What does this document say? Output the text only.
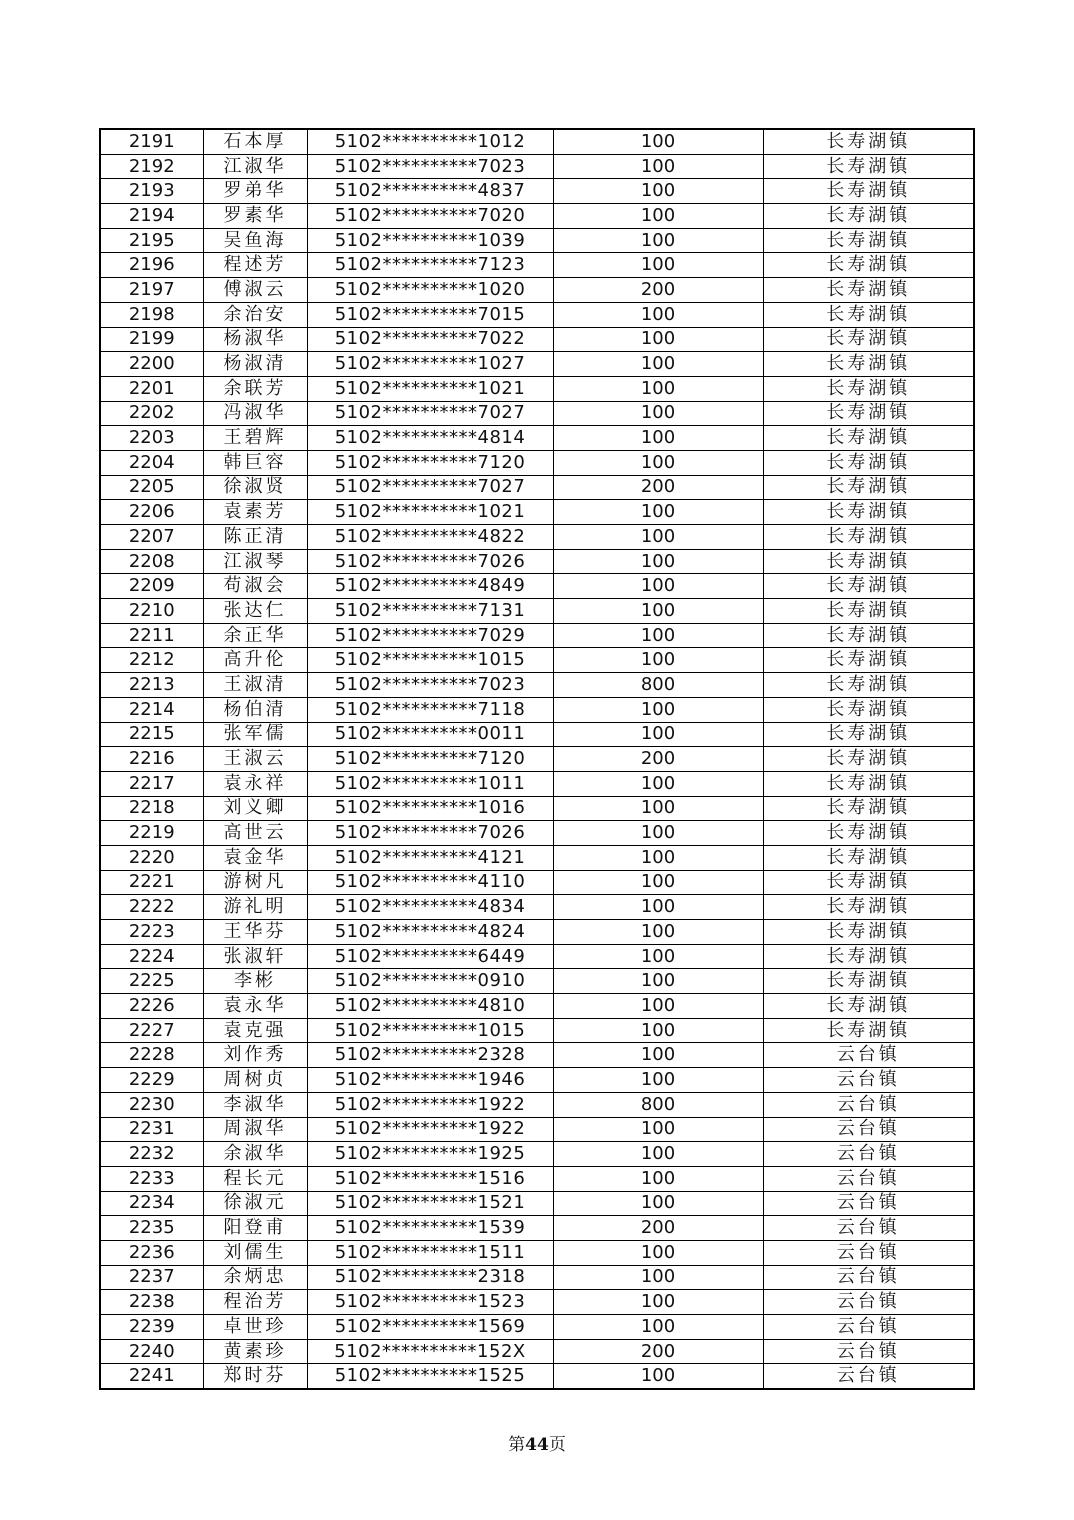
2191	石本厚	5102**********1012	100	长寿湖镇
2192	江淑华	5102**********7023	100	长寿湖镇
2193	罗弟华	5102**********4837	100	长寿湖镇
2194	罗素华	5102**********7020	100	长寿湖镇
2195	吴鱼海	5102**********1039	100	长寿湖镇
2196	程述芳	5102**********7123	100	长寿湖镇
2197	傅淑云	5102**********1020	200	长寿湖镇
2198	余治安	5102**********7015	100	长寿湖镇
2199	杨淑华	5102**********7022	100	长寿湖镇
2200	杨淑清	5102**********1027	100	长寿湖镇
2201	余联芳	5102**********1021	100	长寿湖镇
2202	冯淑华	5102**********7027	100	长寿湖镇
2203	王碧辉	5102**********4814	100	长寿湖镇
2204	韩巨容	5102**********7120	100	长寿湖镇
2205	徐淑贤	5102**********7027	200	长寿湖镇
2206	袁素芳	5102**********1021	100	长寿湖镇
2207	陈正清	5102**********4822	100	长寿湖镇
2208	江淑琴	5102**********7026	100	长寿湖镇
2209	苟淑会	5102**********4849	100	长寿湖镇
2210	张达仁	5102**********7131	100	长寿湖镇
2211	余正华	5102**********7029	100	长寿湖镇
2212	高升伦	5102**********1015	100	长寿湖镇
2213	王淑清	5102**********7023	800	长寿湖镇
2214	杨伯清	5102**********7118	100	长寿湖镇
2215	张军儒	5102**********0011	100	长寿湖镇
2216	王淑云	5102**********7120	200	长寿湖镇
2217	袁永祥	5102**********1011	100	长寿湖镇
2218	刘义卿	5102**********1016	100	长寿湖镇
2219	高世云	5102**********7026	100	长寿湖镇
2220	袁金华	5102**********4121	100	长寿湖镇
2221	游树凡	5102**********4110	100	长寿湖镇
2222	游礼明	5102**********4834	100	长寿湖镇
2223	王华芬	5102**********4824	100	长寿湖镇
2224	张淑轩	5102**********6449	100	长寿湖镇
2225	李彬	5102**********0910	100	长寿湖镇
2226	袁永华	5102**********4810	100	长寿湖镇
2227	袁克强	5102**********1015	100	长寿湖镇
2228	刘作秀	5102**********2328	100	云台镇
2229	周树贞	5102**********1946	100	云台镇
2230	李淑华	5102**********1922	800	云台镇
2231	周淑华	5102**********1922	100	云台镇
2232	余淑华	5102**********1925	100	云台镇
2233	程长元	5102**********1516	100	云台镇
2234	徐淑元	5102**********1521	100	云台镇
2235	阳登甫	5102**********1539	200	云台镇
2236	刘儒生	5102**********1511	100	云台镇
2237	余炳忠	5102**********2318	100	云台镇
2238	程治芳	5102**********1523	100	云台镇
2239	卓世珍	5102**********1569	100	云台镇
2240	黄素珍	5102**********152X	200	云台镇
2241	郑时芬	5102**********1525	100	云台镇
第44页
